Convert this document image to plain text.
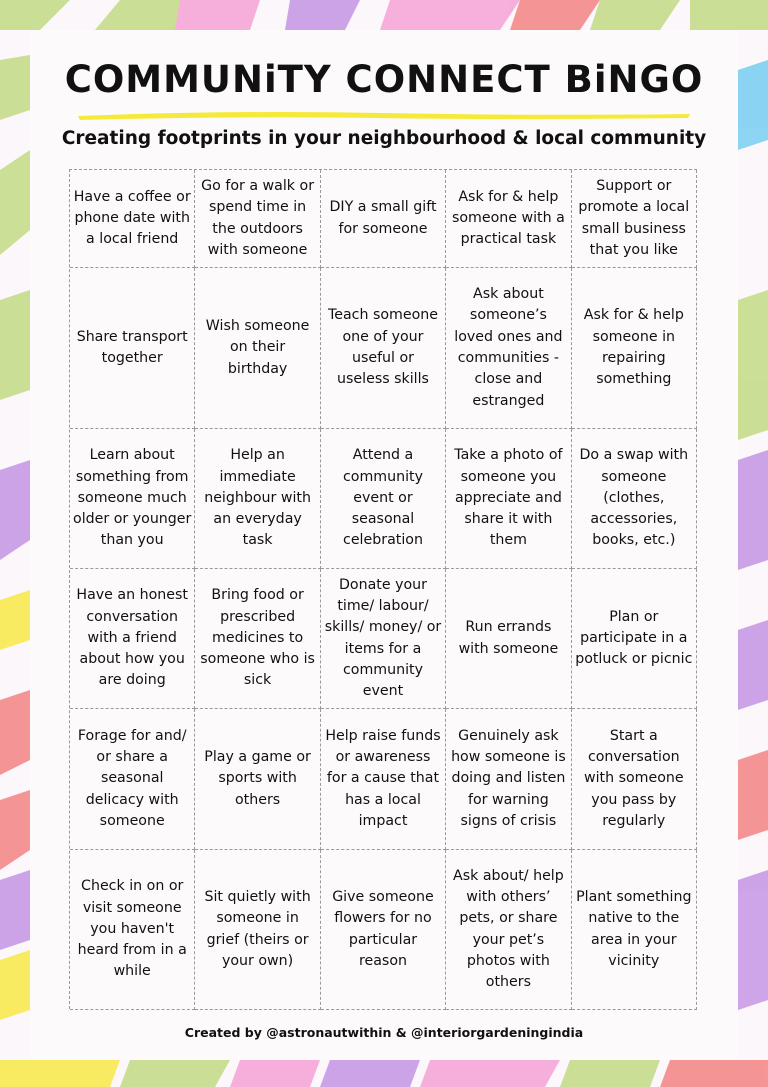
COMMUNiTY CONNECT BiNGO
Creating footprints in your neighbourhood & local community
Have a coffee or phone date with a local friend
Go for a walk or spend time in the outdoors with someone
DIY a small gift for someone
Ask for & help someone with a practical task
Support or promote a local small business that you like
Share transport together
Wish someone on their birthday
Teach someone one of your useful or useless skills
Ask about someone’s loved ones and communities - close and estranged
Ask for & help someone in repairing something
Learn about something from someone much older or younger than you
Help an immediate neighbour with an everyday task
Attend a community event or seasonal celebration
Take a photo of someone you appreciate and share it with them
Do a swap with someone (clothes, accessories, books, etc.)
Have an honest conversation with a friend about how you are doing
Bring food or prescribed medicines to someone who is sick
Donate your time/ labour/ skills/ money/ or items for a community event
Run errands with someone
Plan or participate in a potluck or picnic
Forage for and/ or share a seasonal delicacy with someone
Play a game or sports with others
Help raise funds or awareness for a cause that has a local impact
Genuinely ask how someone is doing and listen for warning signs of crisis
Start a conversation with someone you pass by regularly
Check in on or visit someone you haven't heard from in a while
Sit quietly with someone in grief (theirs or your own)
Give someone flowers for no particular reason
Ask about/ help with others’ pets, or share your pet’s photos with others
Plant something native to the area in your vicinity
Created by @astronautwithin & @interiorgardeningindia
